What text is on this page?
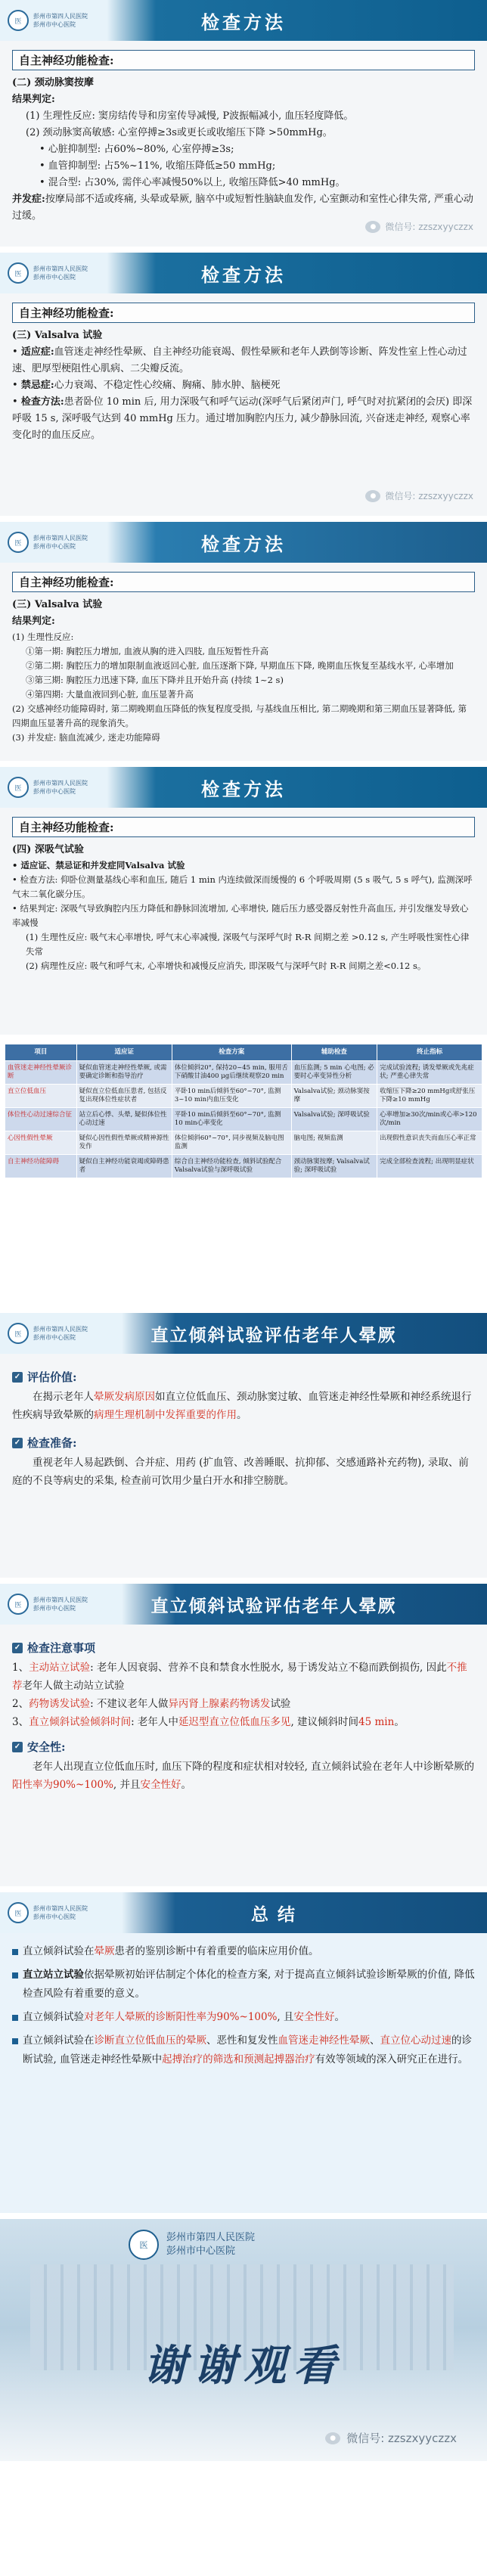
医
彭州市第四人民医院
彭州市中心医院	检查方法
自主神经功能检查:
(二) 颈动脉窦按摩
结果判定:
(1) 生理性反应: 窦房结传导和房室传导减慢, P波振幅减小, 血压轻度降低。
(2) 颈动脉窦高敏感: 心室停搏≥3s或更长或收缩压下降 >50mmHg。
• 心脏抑制型: 占60%~80%, 心室停搏≥3s;
• 血管抑制型: 占5%~11%, 收缩压降低≥50 mmHg;
• 混合型: 占30%, 需伴心率减慢50%以上, 收缩压降低>40 mmHg。
并发症:按摩局部不适或疼痛, 头晕或晕厥, 脑卒中或短暂性脑缺血发作, 心室颤动和室性心律失常, 严重心动过缓。
●	微信号: zzszxyyczzx
医
彭州市第四人民医院
彭州市中心医院	检查方法
自主神经功能检查:
(三) Valsalva 试验
• 适应症:血管迷走神经性晕厥、自主神经功能衰竭、假性晕厥和老年人跌倒等诊断、阵发性室上性心动过速、肥厚型梗阻性心肌病、二尖瓣反流。
• 禁忌症:心力衰竭、不稳定性心绞痛、胸痛、肺水肿、脑梗死
• 检查方法:患者卧位 10 min 后, 用力深吸气和呼气运动(深呼气后紧闭声门, 呼气时对抗紧闭的会厌) 即深呼吸 15 s, 深呼吸气达到 40 mmHg 压力。通过增加胸腔内压力, 减少静脉回流, 兴奋迷走神经, 观察心率变化时的血压反应。
●	微信号: zzszxyyczzx
医
彭州市第四人民医院
彭州市中心医院	检查方法
自主神经功能检查:
(三) Valsalva 试验
结果判定:
(1) 生理性反应:
①第一期: 胸腔压力增加, 血液从胸的进入四肢, 血压短暂性升高
②第二期: 胸腔压力的增加限制血液返回心脏, 血压逐渐下降, 早期血压下降, 晚期血压恢复至基线水平, 心率增加
③第三期: 胸腔压力迅速下降, 血压下降并且开始升高 (持续 1~2 s)
④第四期: 大量血液回到心脏, 血压显著升高
(2) 交感神经功能障碍时, 第二期晚期血压降低的恢复程度受损, 与基线血压相比, 第二期晚期和第三期血压显著降低, 第四期血压显著升高的现象消失。
(3) 并发症: 脑血流减少, 迷走功能障碍
医
彭州市第四人民医院
彭州市中心医院	检查方法
自主神经功能检查:
(四) 深吸气试验
• 适应证、禁忌证和并发症同Valsalva 试验
• 检查方法: 仰卧位测量基线心率和血压, 随后 1 min 内连续做深而缓慢的 6 个呼吸周期 (5 s 吸气, 5 s 呼气), 监测深呼气末二氧化碳分压。
• 结果判定: 深吸气导致胸腔内压力降低和静脉回流增加, 心率增快, 随后压力感受器反射性升高血压, 并引发继发导致心率减慢
(1) 生理性反应: 吸气末心率增快, 呼气末心率减慢, 深吸气与深呼气时 R-R 间期之差 >0.12 s, 产生呼吸性窦性心律失常
(2) 病理性反应: 吸气和呼气末, 心率增快和减慢反应消失, 即深吸气与深呼气时 R-R 间期之差<0.12 s。
项目	适应证	检查方案	辅助检查	终止指标
血管迷走神经性晕厥诊断	疑似血管迷走神经性晕厥, 或需要确定诊断和指导治疗	体位倾斜20°, 保持20~45 min, 服用舌下硝酸甘油400 μg后继续观察20 min	血压监测; 5 min 心电图; 必要时心率变异性分析	完成试验流程; 诱发晕厥或先兆症状; 严重心律失常
直立位低血压	疑似直立位低血压患者, 包括反复出现体位性症状者	平卧10 min后倾斜至60°~70°, 监测3~10 min内血压变化	Valsalva试验; 颈动脉窦按摩	收缩压下降≥20 mmHg或舒张压下降≥10 mmHg
体位性心动过速综合征	站立后心悸、头晕, 疑似体位性心动过速	平卧10 min后倾斜至60°~70°, 监测10 min心率变化	Valsalva试验; 深呼吸试验	心率增加≥30次/min或心率>120次/min
心因性假性晕厥	疑似心因性假性晕厥或精神源性发作	体位倾斜60°~70°, 同步视频及脑电图监测	脑电图; 视频监测	出现假性意识丧失而血压心率正常
自主神经功能障碍	疑似自主神经功能衰竭或障碍患者	综合自主神经功能检查, 倾斜试验配合Valsalva试验与深呼吸试验	颈动脉窦按摩; Valsalva试验; 深呼吸试验	完成全部检查流程; 出现明显症状
医
彭州市第四人民医院
彭州市中心医院	直立倾斜试验评估老年人晕厥
✓ 评估价值:
在揭示老年人晕厥发病原因如直立位低血压、颈动脉窦过敏、血管迷走神经性晕厥和神经系统退行性疾病导致晕厥的病理生理机制中发挥重要的作用。
✓ 检查准备:
重视老年人易起跌倒、合并症、用药 (扩血管、改善睡眠、抗抑郁、交感通路补充药物), 录取、前庭的不良等病史的采集, 检查前可饮用少量白开水和排空膀胱。
医
彭州市第四人民医院
彭州市中心医院	直立倾斜试验评估老年人晕厥
✓ 检查注意事项
1、主动站立试验: 老年人因衰弱、营养不良和禁食水性脱水, 易于诱发站立不稳而跌倒损伤, 因此不推荐老年人做主动站立试验
2、药物诱发试验: 不建议老年人做异丙肾上腺素药物诱发试验
3、直立倾斜试验倾斜时间: 老年人中延迟型直立位低血压多见, 建议倾斜时间45 min。
✓ 安全性:
老年人出现直立位低血压时, 血压下降的程度和症状相对较轻, 直立倾斜试验在老年人中诊断晕厥的阳性率为90%~100%, 并且安全性好。
医
彭州市第四人民医院
彭州市中心医院	总 结
直立倾斜试验在晕厥患者的鉴别诊断中有着重要的临床应用价值。
直立站立试验依据晕厥初始评估制定个体化的检查方案, 对于提高直立倾斜试验诊断晕厥的价值, 降低检查风险有着重要的意义。
直立倾斜试验对老年人晕厥的诊断阳性率为90%~100%, 且安全性好。
直立倾斜试验在诊断直立位低血压的晕厥、恶性和复发性血管迷走神经性晕厥、直立位心动过速的诊断试验, 血管迷走神经性晕厥中起搏治疗的筛选和预测起搏器治疗有效等领域的深入研究正在进行。
医
彭州市第四人民医院
彭州市中心医院
谢谢观看
● 微信号: zzszxyyczzx
